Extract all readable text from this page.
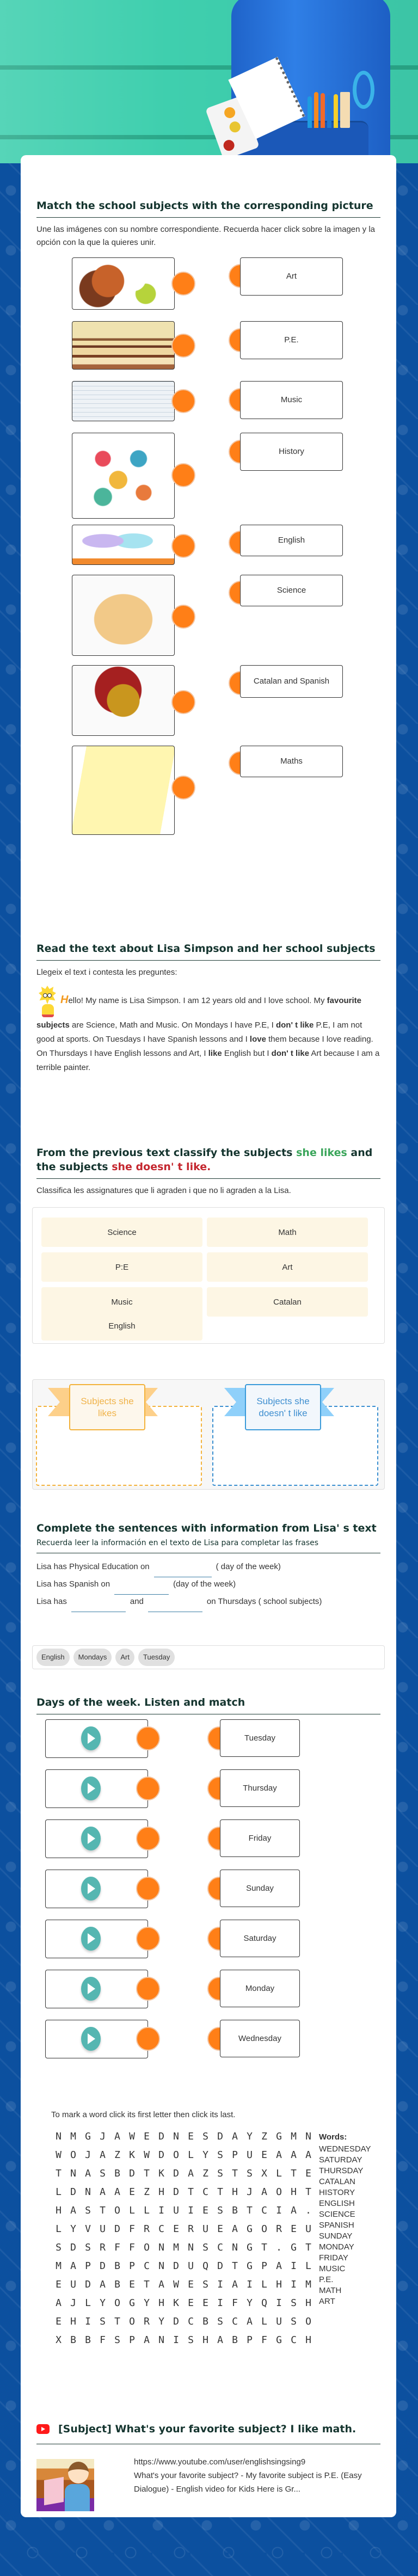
Match the school subjects with the corresponding picture

Une las imágenes con su nombre correspondiente. Recuerda hacer click sobre la imagen y la opción con la que la quieres unir.

Art
P.E.
Music
History
English
Science
Catalan and Spanish
Maths
Read the text about Lisa Simpson and her school subjects

Llegeix el text i contesta les preguntes:

Hello! My name is Lisa Simpson. I am 12 years old and I love school. My favourite subjects are Science, Math and Music. On Mondays I have P.E, I don' t like P.E, I am not good at sports. On Tuesdays I have Spanish lessons and I love them because I love reading. On Thursdays I have English lessons and Art, I like English but I don' t like Art because I am a terrible painter.

From the previous text classify the subjects she likes and the subjects she doesn' t like.

Classifica les assignatures que li agraden i que no li agraden a la Lisa.

Science	Math
P:E	Art
Music	Catalan
English
Subjects she likes
Subjects she doesn' t like
Complete the sentences with information from Lisa' s text

Recuerda leer la información en el texto de Lisa para completar las frases

Lisa has Physical Education on	( day of the week)
Lisa has Spanish on	(day of the week)
Lisa has	and	on Thursdays ( school subjects)
English	Mondays	Art	Tuesday
Days of the week. Listen and match
Tuesday
Thursday
Friday
Sunday
Saturday
Monday
Wednesday

To mark a word click its first letter then click its last.

N M G J A W E D N E S D A Y Z G M N
W O J A Z K W D O L Y S P U E A A A
T N A S B D T K D A Z S T S X L T E
L D N A A E Z H D T C T H J A O H T
H A S T O L L I U I E S B T C I A .
L Y V U D F R C E R U E A G O R E U
S D S R F F O N M N S C N G T . G T
M A P D B P C N D U Q D T G P A I L
E U D A B E T A W E S I A I L H I M
A J L Y O G Y H K E E I F Y Q I S H
E H I S T O R Y D C B S C A L U S O
X B B F S P A N I S H A B P F G C H
Words:
WEDNESDAY
SATURDAY
THURSDAY
CATALAN
HISTORY
ENGLISH
SCIENCE
SPANISH
SUNDAY
MONDAY
FRIDAY
MUSIC
P.E.
MATH
ART
[Subject] What's your favorite subject? I like math.
https://www.youtube.com/user/englishsingsing9
What's your favorite subject? - My favorite subject is P.E. (Easy Dialogue) - English video for Kids Here is Gr...
